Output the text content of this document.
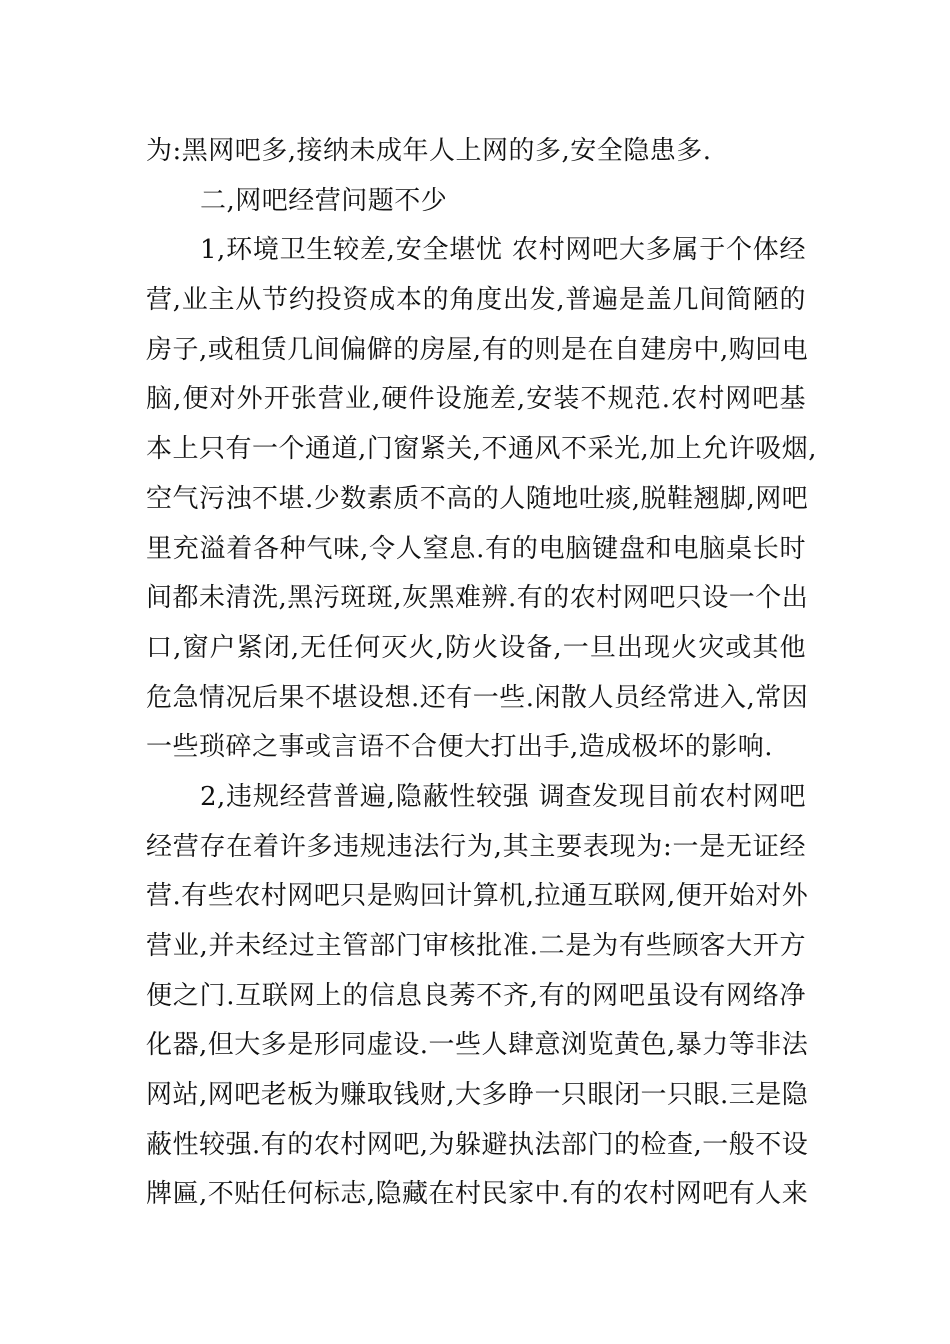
为:黑网吧多,接纳未成年人上网的多,安全隐患多.
二,网吧经营问题不少
1,环境卫生较差,安全堪忧 农村网吧大多属于个体经
营,业主从节约投资成本的角度出发,普遍是盖几间简陋的
房子,或租赁几间偏僻的房屋,有的则是在自建房中,购回电
脑,便对外开张营业,硬件设施差,安装不规范.农村网吧基
本上只有一个通道,门窗紧关,不通风不采光,加上允许吸烟,
空气污浊不堪.少数素质不高的人随地吐痰,脱鞋翘脚,网吧
里充溢着各种气味,令人窒息.有的电脑键盘和电脑桌长时
间都未清洗,黑污斑斑,灰黑难辨.有的农村网吧只设一个出
口,窗户紧闭,无任何灭火,防火设备,一旦出现火灾或其他
危急情况后果不堪设想.还有一些.闲散人员经常进入,常因
一些琐碎之事或言语不合便大打出手,造成极坏的影响.
2,违规经营普遍,隐蔽性较强 调查发现目前农村网吧
经营存在着许多违规违法行为,其主要表现为:一是无证经
营.有些农村网吧只是购回计算机,拉通互联网,便开始对外
营业,并未经过主管部门审核批准.二是为有些顾客大开方
便之门.互联网上的信息良莠不齐,有的网吧虽设有网络净
化器,但大多是形同虚设.一些人肆意浏览黄色,暴力等非法
网站,网吧老板为赚取钱财,大多睁一只眼闭一只眼.三是隐
蔽性较强.有的农村网吧,为躲避执法部门的检查,一般不设
牌匾,不贴任何标志,隐藏在村民家中.有的农村网吧有人来
